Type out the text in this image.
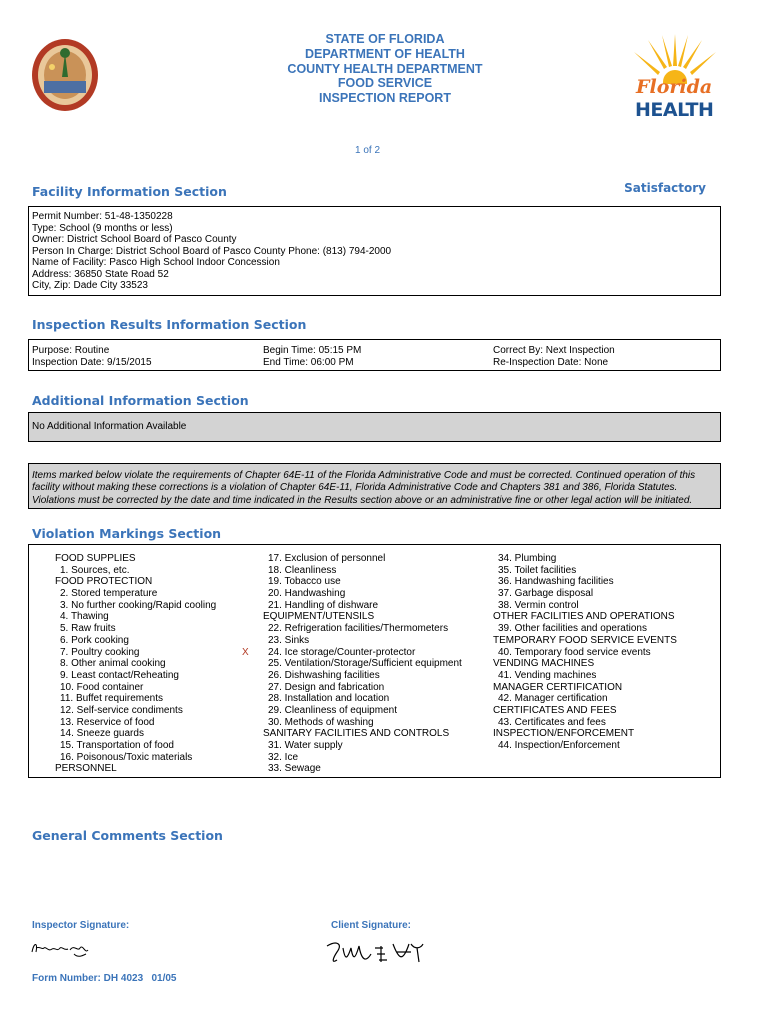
STATE OF FLORIDA
DEPARTMENT OF HEALTH
COUNTY HEALTH DEPARTMENT
FOOD SERVICE
INSPECTION REPORT
Florida
HEALTH
1 of 2
Satisfactory
Facility Information Section
Permit Number: 51-48-1350228
Type: School (9 months or less)
Owner: District School Board of Pasco County
Person In Charge: District School Board of Pasco County Phone: (813) 794-2000
Name of Facility: Pasco High School Indoor Concession
Address: 36850 State Road 52
City, Zip: Dade City 33523
Inspection Results Information Section
Purpose: Routine
Inspection Date: 9/15/2015
Begin Time: 05:15 PM
End Time: 06:00 PM
Correct By: Next Inspection
Re-Inspection Date: None
Additional Information Section
No Additional Information Available
Items marked below violate the requirements of Chapter 64E-11 of the Florida Administrative Code and must be corrected. Continued operation of this
facility without making these corrections is a violation of Chapter 64E-11, Florida Administrative Code and Chapters 381 and 386, Florida Statutes.
Violations must be corrected by the date and time indicated in the Results section above or an administrative fine or other legal action will be initiated.
Violation Markings Section
FOOD SUPPLIES
1. Sources, etc.
FOOD PROTECTION
2. Stored temperature
3. No further cooking/Rapid cooling
4. Thawing
5. Raw fruits
6. Pork cooking
7. Poultry cooking
8. Other animal cooking
9. Least contact/Reheating
10. Food container
11. Buffet requirements
12. Self-service condiments
13. Reservice of food
14. Sneeze guards
15. Transportation of food
16. Poisonous/Toxic materials
PERSONNEL
17. Exclusion of personnel
18. Cleanliness
19. Tobacco use
20. Handwashing
21. Handling of dishware
EQUIPMENT/UTENSILS
22. Refrigeration facilities/Thermometers
23. Sinks
24. Ice storage/Counter-protector
25. Ventilation/Storage/Sufficient equipment
26. Dishwashing facilities
27. Design and fabrication
28. Installation and location
29. Cleanliness of equipment
30. Methods of washing
SANITARY FACILITIES AND CONTROLS
31. Water supply
32. Ice
33. Sewage
34. Plumbing
35. Toilet facilities
36. Handwashing facilities
37. Garbage disposal
38. Vermin control
OTHER FACILITIES AND OPERATIONS
39. Other facilities and operations
TEMPORARY FOOD SERVICE EVENTS
40. Temporary food service events
VENDING MACHINES
41. Vending machines
MANAGER CERTIFICATION
42. Manager certification
CERTIFICATES AND FEES
43. Certificates and fees
INSPECTION/ENFORCEMENT
44. Inspection/Enforcement
X
General Comments Section
Inspector Signature:	Client Signature:
Form Number: DH 4023   01/05
